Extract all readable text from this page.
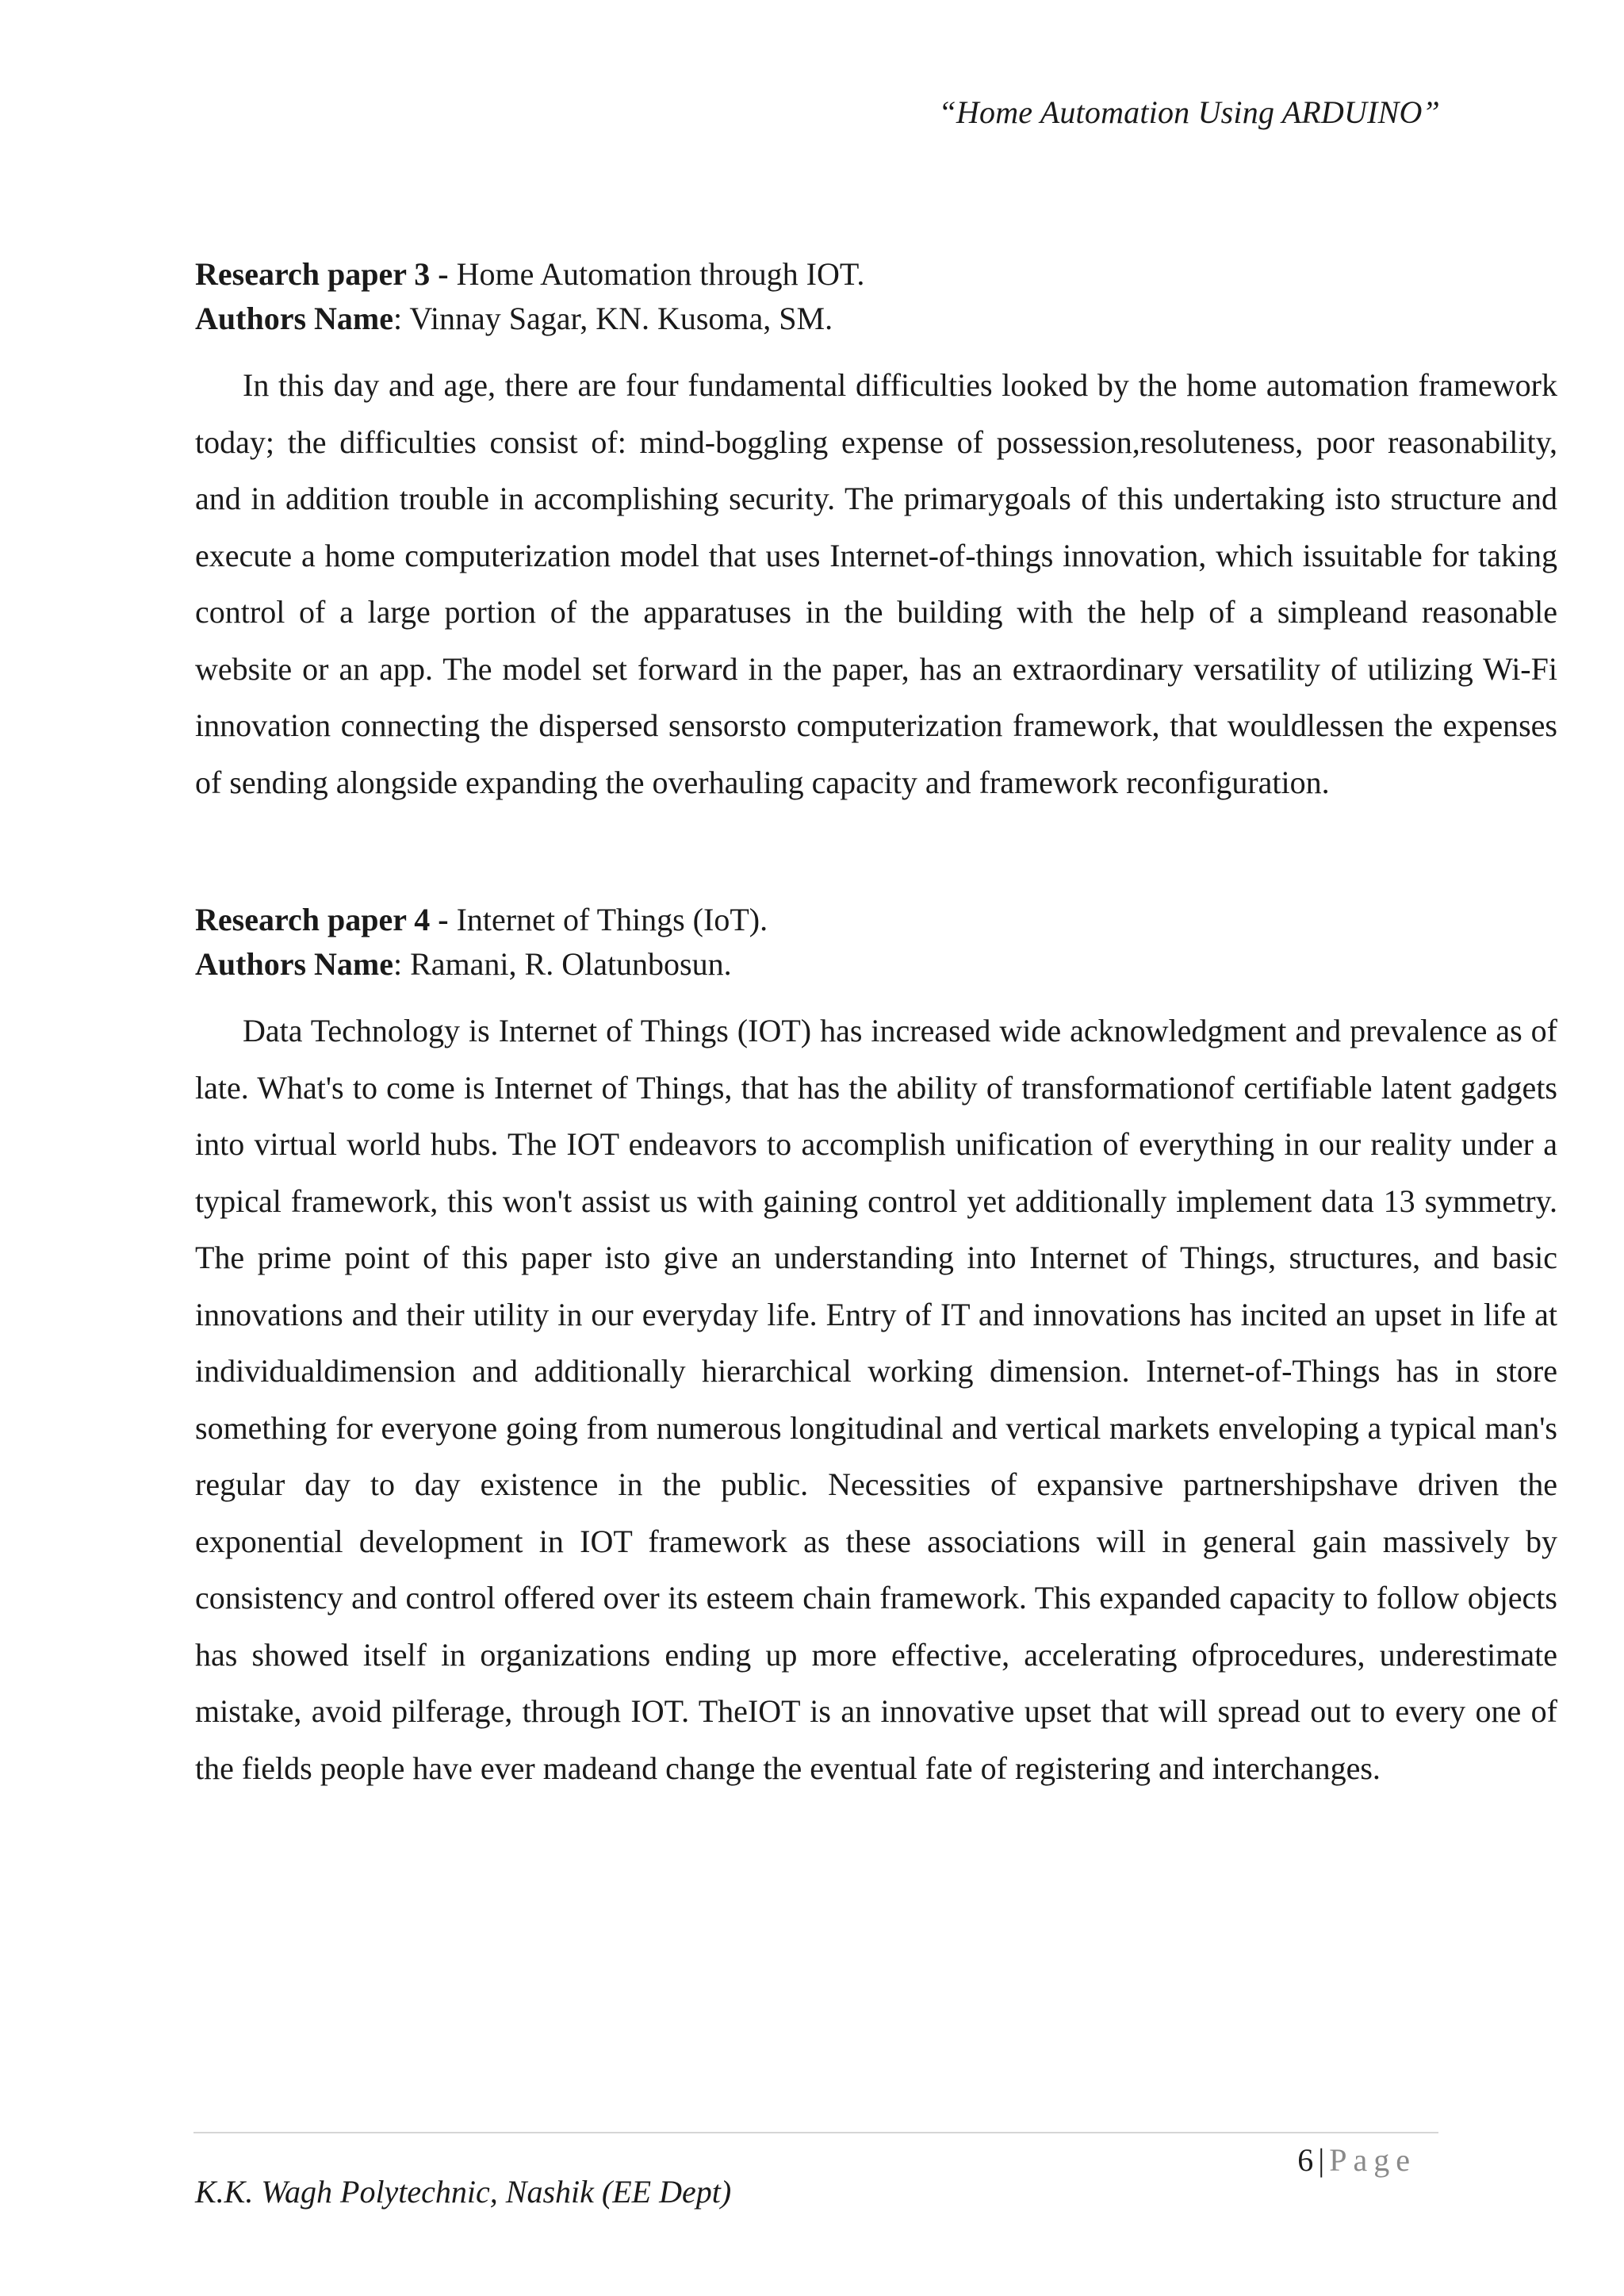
“Home Automation Using ARDUINO”

Research paper 3 - Home Automation through IOT.

Authors Name: Vinnay Sagar, KN. Kusoma, SM.

In this day and age, there are four fundamental difficulties looked by the home automation framework today; the difficulties consist of: mind-boggling expense of possession,resoluteness, poor reasonability, and in addition trouble in accomplishing security. The primarygoals of this undertaking isto structure and execute a home computerization model that uses Internet-of-things innovation, which issuitable for taking control of a large portion of the apparatuses in the building with the help of a simpleand reasonable website or an app. The model set forward in the paper, has an extraordinary versatility of utilizing Wi-Fi innovation connecting the dispersed sensorsto computerization framework, that wouldlessen the expenses of sending alongside expanding the overhauling capacity and framework reconfiguration.

Research paper 4 - Internet of Things (IoT).

Authors Name: Ramani, R. Olatunbosun.

Data Technology is Internet of Things (IOT) has increased wide acknowledgment and prevalence as of late. What's to come is Internet of Things, that has the ability of transformationof certifiable latent gadgets into virtual world hubs. The IOT endeavors to accomplish unification of everything in our reality under a typical framework, this won't assist us with gaining control yet additionally implement data 13 symmetry. The prime point of this paper isto give an understanding into Internet of Things, structures, and basic innovations and their utility in our everyday life. Entry of IT and innovations has incited an upset in life at individualdimension and additionally hierarchical working dimension. Internet-of-Things has in store something for everyone going from numerous longitudinal and vertical markets enveloping a typical man's regular day to day existence in the public. Necessities of expansive partnershipshave driven the exponential development in IOT framework as these associations will in general gain massively by consistency and control offered over its esteem chain framework. This expanded capacity to follow objects has showed itself in organizations ending up more effective, accelerating ofprocedures, underestimate mistake, avoid pilferage, through IOT. TheIOT is an innovative upset that will spread out to every one of the fields people have ever madeand change the eventual fate of registering and interchanges.

6 | Page
K.K. Wagh Polytechnic, Nashik (EE Dept)
